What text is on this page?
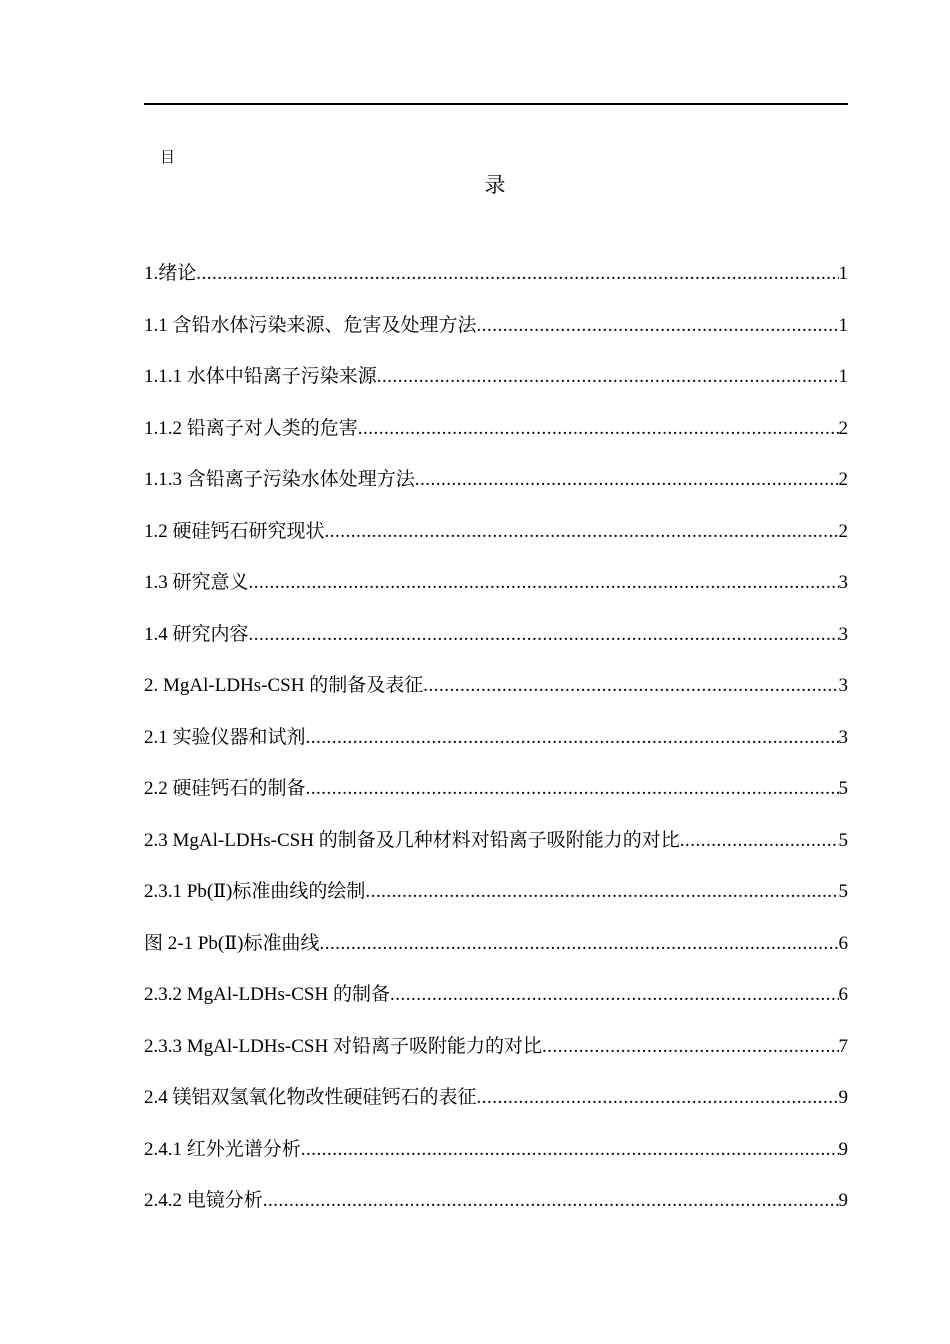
目
录
1.绪论 .....	1
1.1 含铅水体污染来源、危害及处理方法 .....	1
1.1.1 水体中铅离子污染来源 .....	1
1.1.2 铅离子对人类的危害 .....	2
1.1.3 含铅离子污染水体处理方法 .....	2
1.2 硬硅钙石研究现状 .....	2
1.3 研究意义 .....	3
1.4 研究内容 .....	3
2. MgAl-LDHs-CSH 的制备及表征 .....	3
2.1 实验仪器和试剂 .....	3
2.2 硬硅钙石的制备 .....	5
2.3 MgAl-LDHs-CSH 的制备及几种材料对铅离子吸附能力的对比 .....	5
2.3.1 Pb(Ⅱ)标准曲线的绘制 .....	5
图 2-1 Pb(Ⅱ)标准曲线 .....	6
2.3.2 MgAl-LDHs-CSH 的制备 .....	6
2.3.3 MgAl-LDHs-CSH 对铅离子吸附能力的对比 .....	7
2.4 镁铝双氢氧化物改性硬硅钙石的表征 .....	9
2.4.1 红外光谱分析 .....	9
2.4.2 电镜分析 .....	9
